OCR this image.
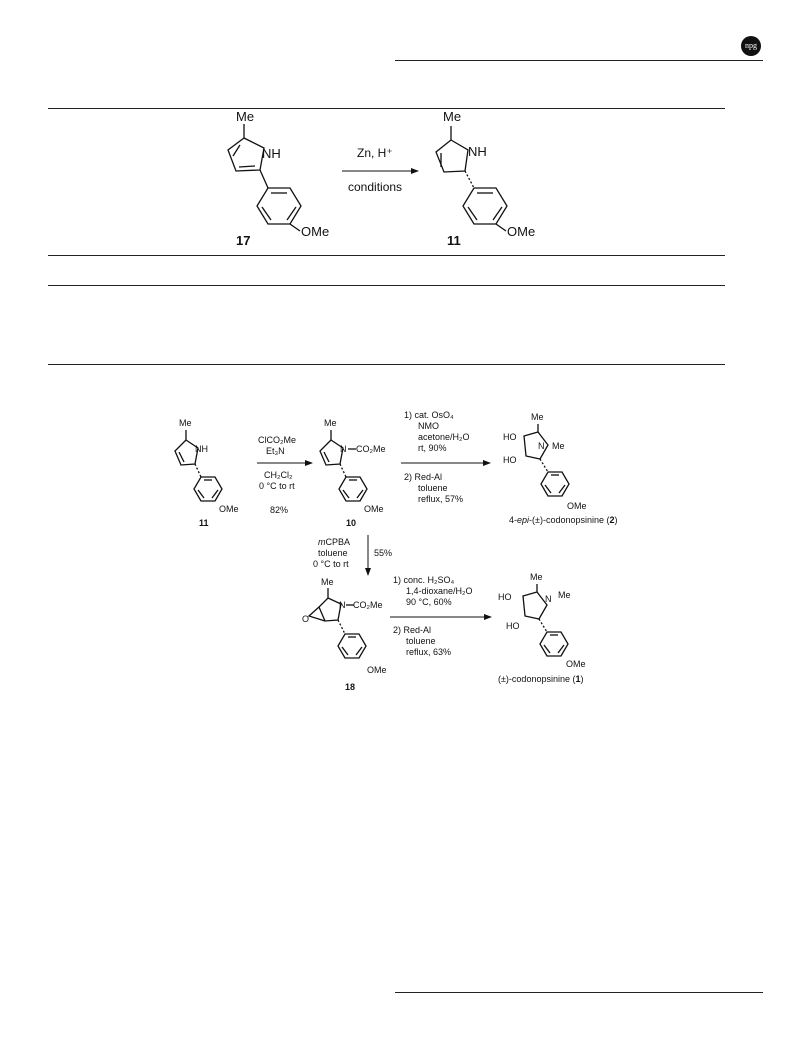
npg
Me
NH
OMe
17
Zn, H⁺
conditions
Me
NH
OMe
11
Me
NH
OMe
11
ClCO₂Me
Et₃N
CH₂Cl₂
0 °C to rt
82%
Me
N CO₂Me
OMe
10
1) cat. OsO₄
NMO
acetone/H₂O
rt, 90%
2) Red-Al
toluene
reflux, 57%
Me
HO
HO
N Me
OMe
4-epi-(±)-codonopsinine (2)
mCPBA
toluene
0 °C to rt
55%
Me
N CO₂Me
O
OMe
18
1) conc. H₂SO₄
1,4-dioxane/H₂O
90 °C, 60%
2) Red-Al
toluene
reflux, 63%
Me
HO
HO
N Me
OMe
(±)-codonopsinine (1)
